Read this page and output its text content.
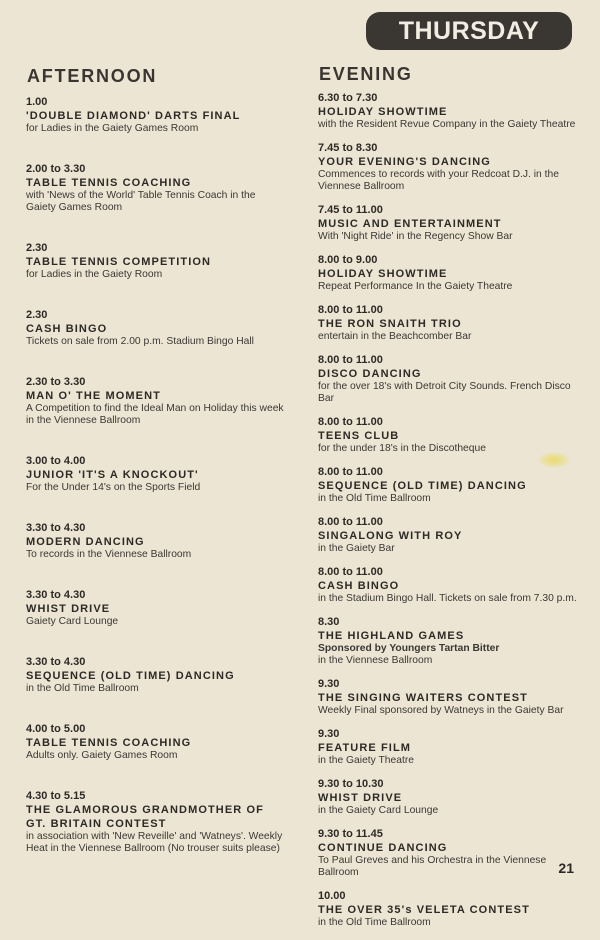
THURSDAY
AFTERNOON	EVENING
1.00
'DOUBLE DIAMOND' DARTS FINAL
for Ladies in the Gaiety Games Room
2.00 to 3.30
TABLE TENNIS COACHING
with 'News of the World' Table Tennis Coach in the Gaiety Games Room
2.30
TABLE TENNIS COMPETITION
for Ladies in the Gaiety Room
2.30
CASH BINGO
Tickets on sale from 2.00 p.m. Stadium Bingo Hall
2.30 to 3.30
MAN O' THE MOMENT
A Competition to find the Ideal Man on Holiday this week in the Viennese Ballroom
3.00 to 4.00
JUNIOR 'IT'S A KNOCKOUT'
For the Under 14's on the Sports Field
3.30 to 4.30
MODERN DANCING
To records in the Viennese Ballroom
3.30 to 4.30
WHIST DRIVE
Gaiety Card Lounge
3.30 to 4.30
SEQUENCE (OLD TIME) DANCING
in the Old Time Ballroom
4.00 to 5.00
TABLE TENNIS COACHING
Adults only. Gaiety Games Room
4.30 to 5.15
THE GLAMOROUS GRANDMOTHER OF GT. BRITAIN CONTEST
in association with 'New Reveille' and 'Watneys'. Weekly Heat in the Viennese Ballroom (No trouser suits please)
6.30 to 7.30
HOLIDAY SHOWTIME
with the Resident Revue Company in the Gaiety Theatre
7.45 to 8.30
YOUR EVENING'S DANCING
Commences to records with your Redcoat D.J. in the Viennese Ballroom
7.45 to 11.00
MUSIC AND ENTERTAINMENT
With 'Night Ride' in the Regency Show Bar
8.00 to 9.00
HOLIDAY SHOWTIME
Repeat Performance In the Gaiety Theatre
8.00 to 11.00
THE RON SNAITH TRIO
entertain in the Beachcomber Bar
8.00 to 11.00
DISCO DANCING
for the over 18's with Detroit City Sounds. French Disco Bar
8.00 to 11.00
TEENS CLUB
for the under 18's in the Discotheque
8.00 to 11.00
SEQUENCE (OLD TIME) DANCING
in the Old Time Ballroom
8.00 to 11.00
SINGALONG WITH ROY
in the Gaiety Bar
8.00 to 11.00
CASH BINGO
in the Stadium Bingo Hall. Tickets on sale from 7.30 p.m.
8.30
THE HIGHLAND GAMES
Sponsored by Youngers Tartan Bitter
in the Viennese Ballroom
9.30
THE SINGING WAITERS CONTEST
Weekly Final sponsored by Watneys in the Gaiety Bar
9.30
FEATURE FILM
in the Gaiety Theatre
9.30 to 10.30
WHIST DRIVE
in the Gaiety Card Lounge
9.30 to 11.45
CONTINUE DANCING
To Paul Greves and his Orchestra in the Viennese Ballroom
10.00
THE OVER 35's VELETA CONTEST
in the Old Time Ballroom
21
